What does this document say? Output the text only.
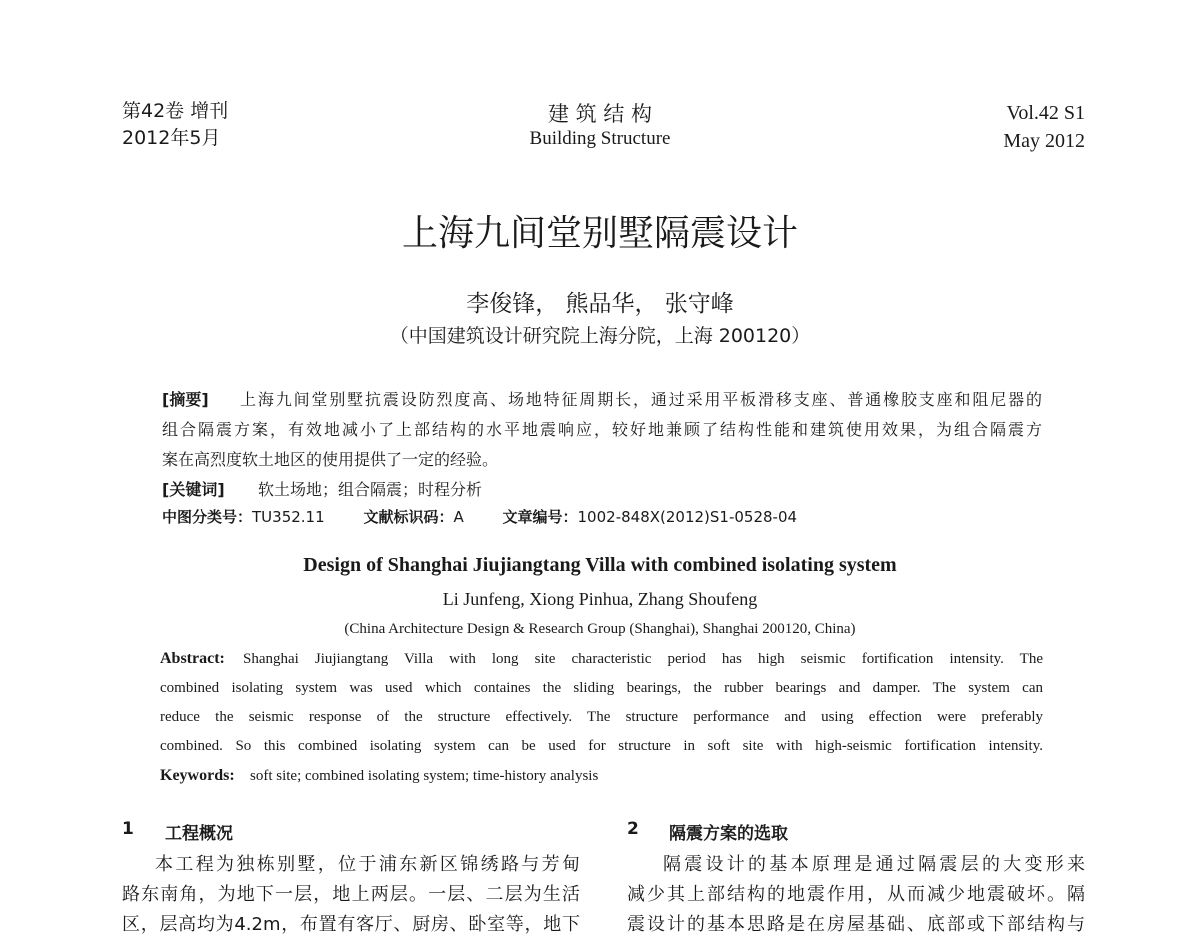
第42卷 增刊
2012年5月
建 筑 结 构
Building Structure
Vol.42 S1
May 2012
上海九间堂别墅隔震设计
李俊锋， 熊品华， 张守峰
（中国建筑设计研究院上海分院，上海 200120）
[摘要] 上海九间堂别墅抗震设防烈度高、场地特征周期长，通过采用平板滑移支座、普通橡胶支座和阻尼器的
组合隔震方案，有效地减小了上部结构的水平地震响应，较好地兼顾了结构性能和建筑使用效果，为组合隔震方
案在高烈度软土地区的使用提供了一定的经验。
[关键词] 软土场地；组合隔震；时程分析
中图分类号：TU352.11	文献标识码：A	文章编号：1002-848X(2012)S1-0528-04
Design of Shanghai Jiujiangtang Villa with combined isolating system
Li Junfeng, Xiong Pinhua, Zhang Shoufeng
(China Architecture Design & Research Group (Shanghai), Shanghai 200120, China)
Abstract: Shanghai Jiujiangtang Villa with long site characteristic period has high seismic fortification intensity. The
combined isolating system was used which containes the sliding bearings, the rubber bearings and damper. The system can
reduce the seismic response of the structure effectively. The structure performance and using effection were preferably
combined. So this combined isolating system can be used for structure in soft site with high-seismic fortification intensity.
Keywords: soft site; combined isolating system; time-history analysis
1 工程概况
本工程为独栋别墅，位于浦东新区锦绣路与芳甸
路东南角，为地下一层，地上两层。一层、二层为生活
区，层高均为4.2m，布置有客厅、厨房、卧室等，地下
2 隔震方案的选取
隔震设计的基本原理是通过隔震层的大变形来
减少其上部结构的地震作用，从而减少地震破坏。隔
震设计的基本思路是在房屋基础、底部或下部结构与
